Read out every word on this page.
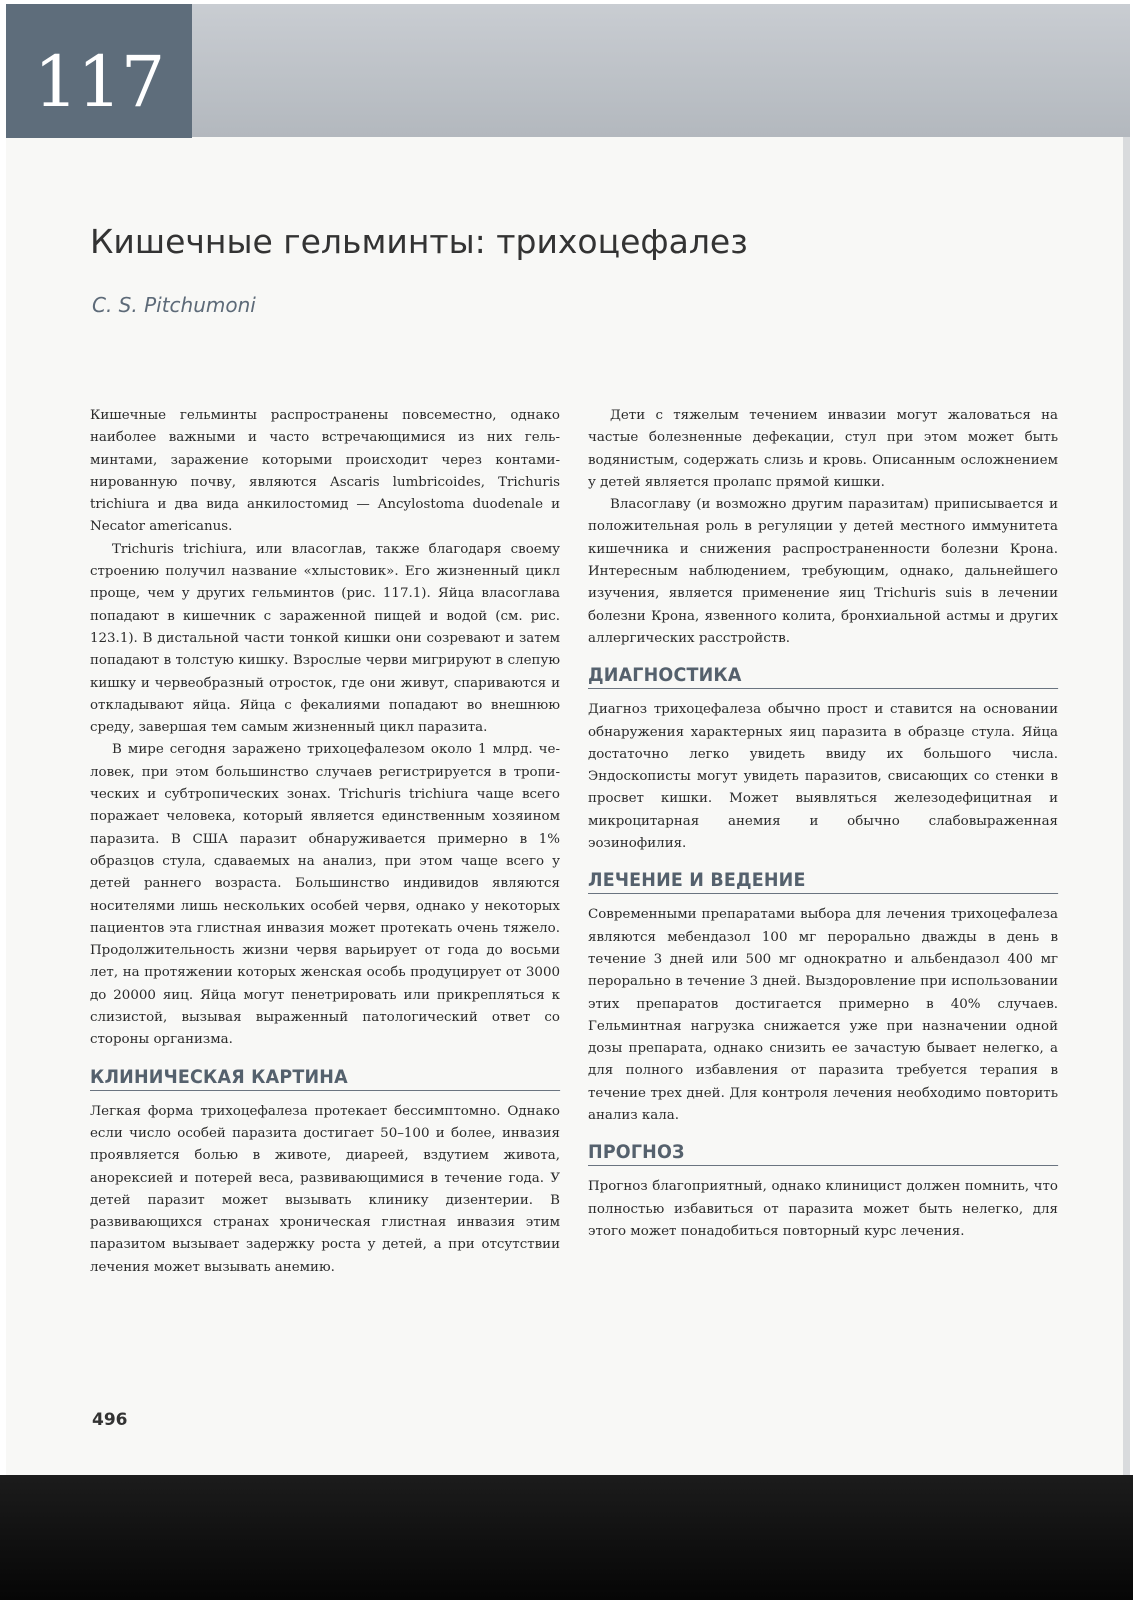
117
Кишечные гельминты: трихоцефалез
C. S. Pitchumoni

Кишечные гельминты распространены повсеместно, однако наиболее важными и часто встречающимися из них гельминтами, заражение которыми происходит через контаминированную почву, являются Ascaris lumbricoides, Trichuris trichiura и два вида анкилостомид — Ancylostoma duodenale и Necator americanus.

Trichuris trichiura, или власоглав, также благодаря своему строению получил название «хлыстовик». Его жизненный цикл проще, чем у других гельминтов (рис. 117.1). Яйца власоглава попадают в кишечник с зараженной пищей и водой (см. рис. 123.1). В дистальной части тонкой кишки они созревают и затем попадают в толстую кишку. Взрослые черви мигрируют в слепую кишку и червеобразный отросток, где они живут, спариваются и откладывают яйца. Яйца с фекалиями попадают во внешнюю среду, завершая тем самым жизненный цикл паразита.

В мире сегодня заражено трихоцефалезом около 1 млрд. человек, при этом большинство случаев регистрируется в тропических и субтропических зонах. Trichuris trichiura чаще всего поражает человека, который является единственным хозяином паразита. В США паразит обнаруживается примерно в 1% образцов стула, сдаваемых на анализ, при этом чаще всего у детей раннего возраста. Большинство индивидов являются носителями лишь нескольких особей червя, однако у некоторых пациентов эта глистная инвазия может протекать очень тяжело. Продолжительность жизни червя варьирует от года до восьми лет, на протяжении которых женская особь продуцирует от 3000 до 20000 яиц. Яйца могут пенетрировать или прикрепляться к слизистой, вызывая выраженный патологический ответ со стороны организма.

КЛИНИЧЕСКАЯ КАРТИНА

Легкая форма трихоцефалеза протекает бессимптомно. Однако если число особей паразита достигает 50–100 и более, инвазия проявляется болью в животе, диареей, вздутием живота, анорексией и потерей веса, развивающимися в течение года. У детей паразит может вызывать клинику дизентерии. В развивающихся странах хроническая глистная инвазия этим паразитом вызывает задержку роста у детей, а при отсутствии лечения может вызывать анемию.

Дети с тяжелым течением инвазии могут жаловаться на частые болезненные дефекации, стул при этом может быть водянистым, содержать слизь и кровь. Описанным осложнением у детей является пролапс прямой кишки.

Власоглаву (и возможно другим паразитам) приписывается и положительная роль в регуляции у детей местного иммунитета кишечника и снижения распространенности болезни Крона. Интересным наблюдением, требующим, однако, дальнейшего изучения, является применение яиц Trichuris suis в лечении болезни Крона, язвенного колита, бронхиальной астмы и других аллергических расстройств.

ДИАГНОСТИКА

Диагноз трихоцефалеза обычно прост и ставится на основании обнаружения характерных яиц паразита в образце стула. Яйца достаточно легко увидеть ввиду их большого числа. Эндоскописты могут увидеть паразитов, свисающих со стенки в просвет кишки. Может выявляться железодефицитная и микроцитарная анемия и обычно слабовыраженная эозинофилия.

ЛЕЧЕНИЕ И ВЕДЕНИЕ

Современными препаратами выбора для лечения трихоцефалеза являются мебендазол 100 мг перорально дважды в день в течение 3 дней или 500 мг однократно и альбендазол 400 мг перорально в течение 3 дней. Выздоровление при использовании этих препаратов достигается примерно в 40% случаев. Гельминтная нагрузка снижается уже при назначении одной дозы препарата, однако снизить ее зачастую бывает нелегко, а для полного избавления от паразита требуется терапия в течение трех дней. Для контроля лечения необходимо повторить анализ кала.

ПРОГНОЗ

Прогноз благоприятный, однако клиницист должен помнить, что полностью избавиться от паразита может быть нелегко, для этого может понадобиться повторный курс лечения.

496
